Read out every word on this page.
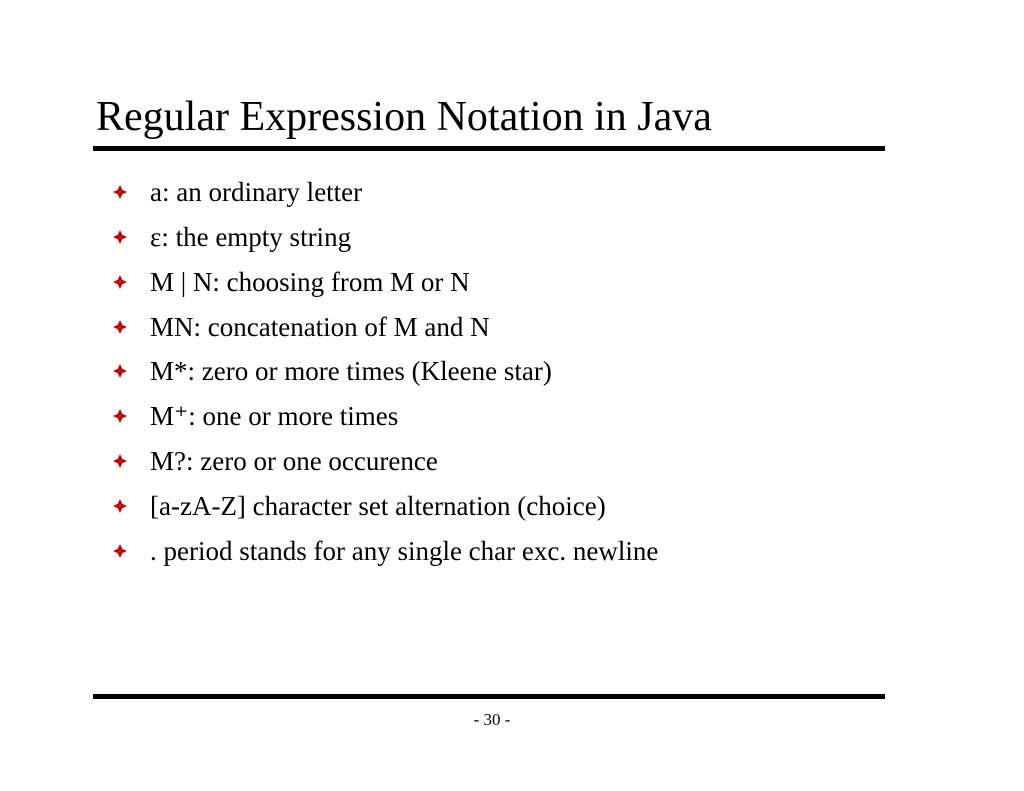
Regular Expression Notation in Java
a: an ordinary letter
ε: the empty string
M | N: choosing from M or N
MN: concatenation of M and N
M*: zero or more times (Kleene star)
M⁺: one or more times
M?: zero or one occurence
[a-zA-Z] character set alternation (choice)
. period stands for any single char exc. newline
- 30 -
